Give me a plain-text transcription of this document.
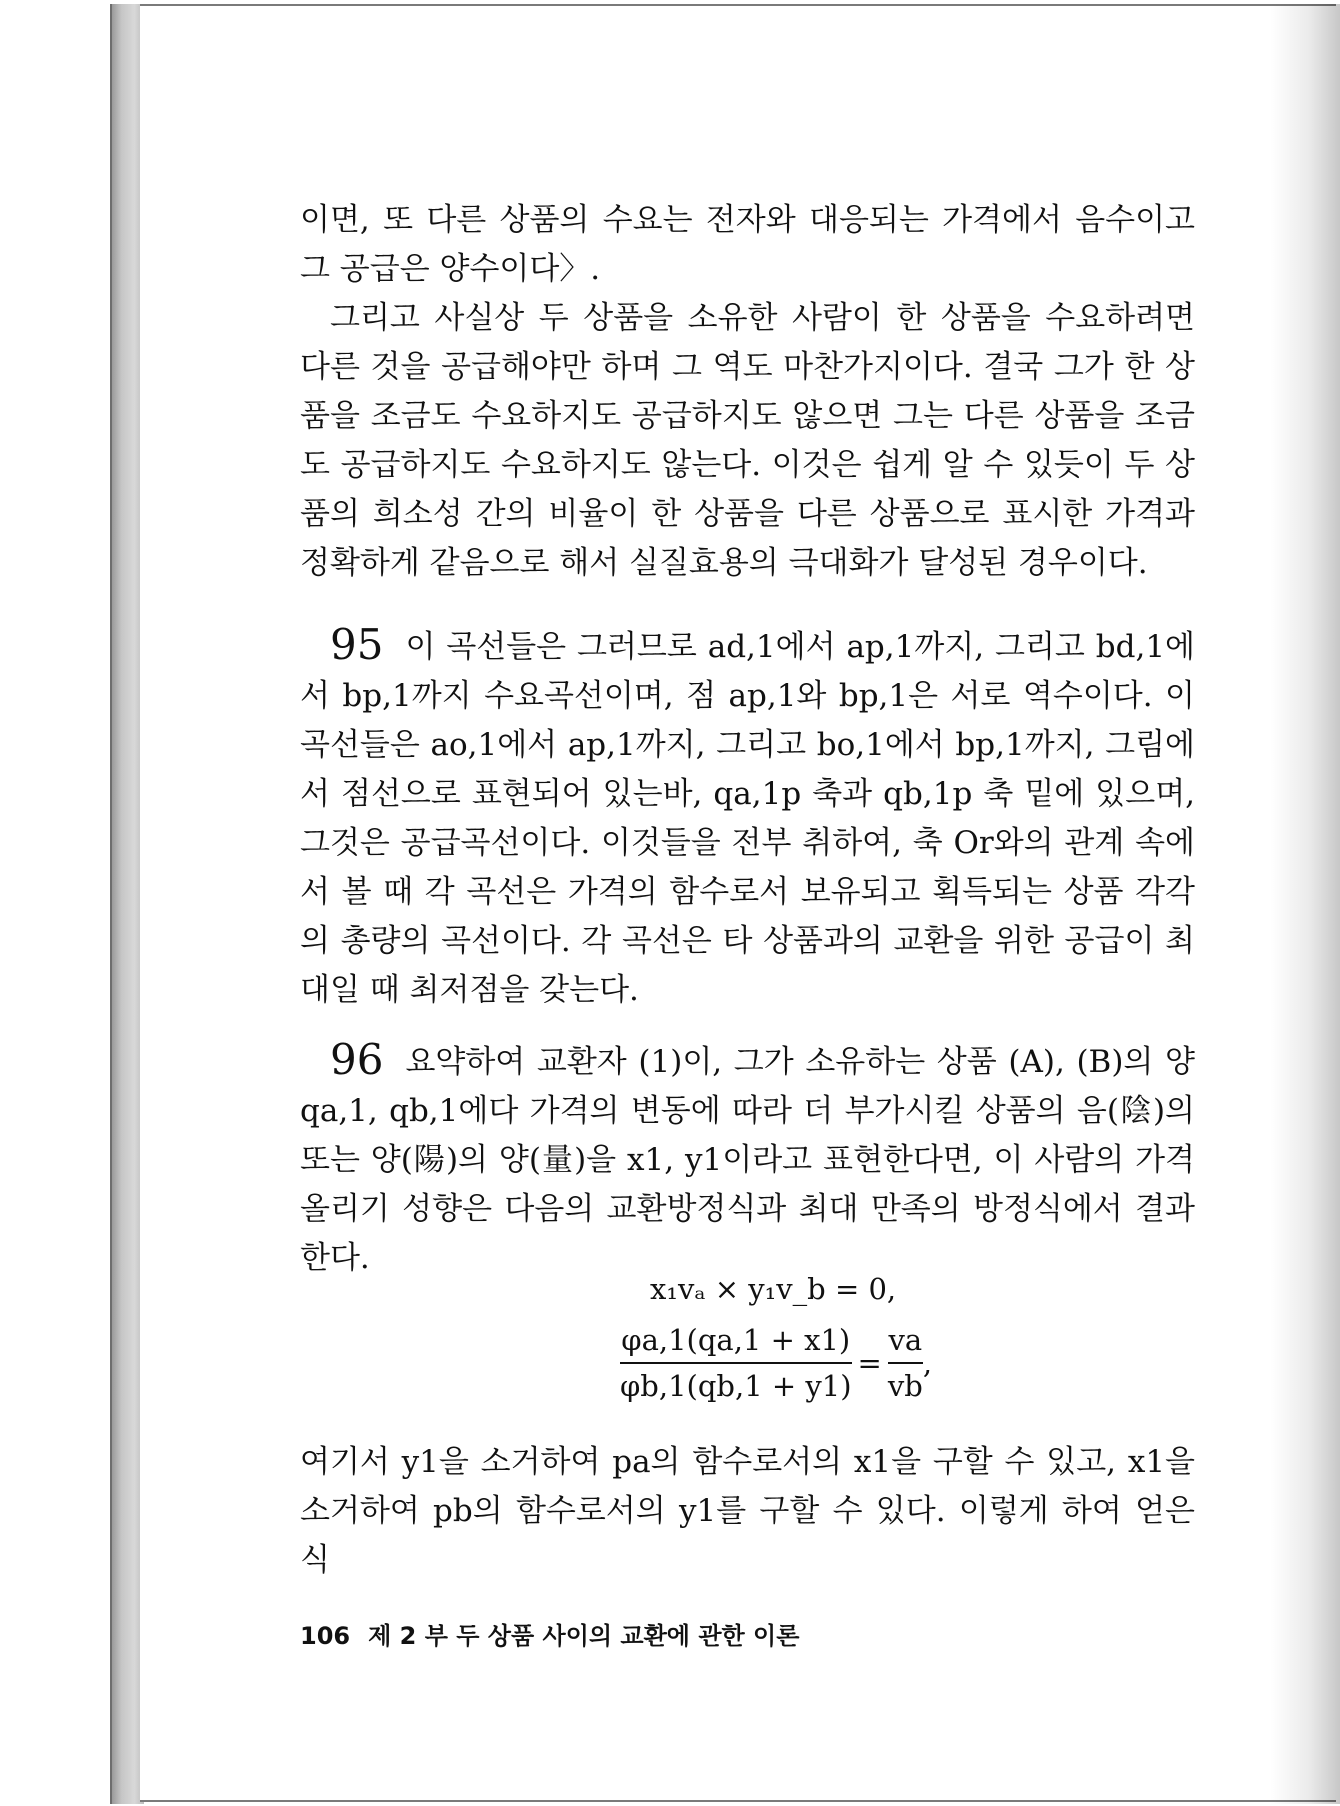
이면, 또 다른 상품의 수요는 전자와 대응되는 가격에서 음수이고 그 공급은 양수이다〉.

그리고 사실상 두 상품을 소유한 사람이 한 상품을 수요하려면 다른 것을 공급해야만 하며 그 역도 마찬가지이다. 결국 그가 한 상품을 조금도 수요하지도 공급하지도 않으면 그는 다른 상품을 조금도 공급하지도 수요하지도 않는다. 이것은 쉽게 알 수 있듯이 두 상품의 희소성 간의 비율이 한 상품을 다른 상품으로 표시한 가격과 정확하게 같음으로 해서 실질효용의 극대화가 달성된 경우이다.

95 이 곡선들은 그러므로 ad,1에서 ap,1까지, 그리고 bd,1에서 bp,1까지 수요곡선이며, 점 ap,1와 bp,1은 서로 역수이다. 이 곡선들은 ao,1에서 ap,1까지, 그리고 bo,1에서 bp,1까지, 그림에서 점선으로 표현되어 있는바, qa,1p 축과 qb,1p 축 밑에 있으며, 그것은 공급곡선이다. 이것들을 전부 취하여, 축 Or와의 관계 속에서 볼 때 각 곡선은 가격의 함수로서 보유되고 획득되는 상품 각각의 총량의 곡선이다. 각 곡선은 타 상품과의 교환을 위한 공급이 최대일 때 최저점을 갖는다.

96 요약하여 교환자 (1)이, 그가 소유하는 상품 (A), (B)의 양 qa,1, qb,1에다 가격의 변동에 따라 더 부가시킬 상품의 음(陰)의 또는 양(陽)의 양(量)을 x1, y1이라고 표현한다면, 이 사람의 가격 올리기 성향은 다음의 교환방정식과 최대 만족의 방정식에서 결과한다.

x₁vₐ × y₁v_b = 0,
$\frac{\varphi a,1(qa,1 + x1)}{\varphi b,1(qb,1 + y1)} = \frac{va}{vb}$ ,

여기서 y1을 소거하여 pa의 함수로서의 x1을 구할 수 있고, x1을 소거하여 pb의 함수로서의 y1를 구할 수 있다. 이렇게 하여 얻은 식

106 제 2 부 두 상품 사이의 교환에 관한 이론
